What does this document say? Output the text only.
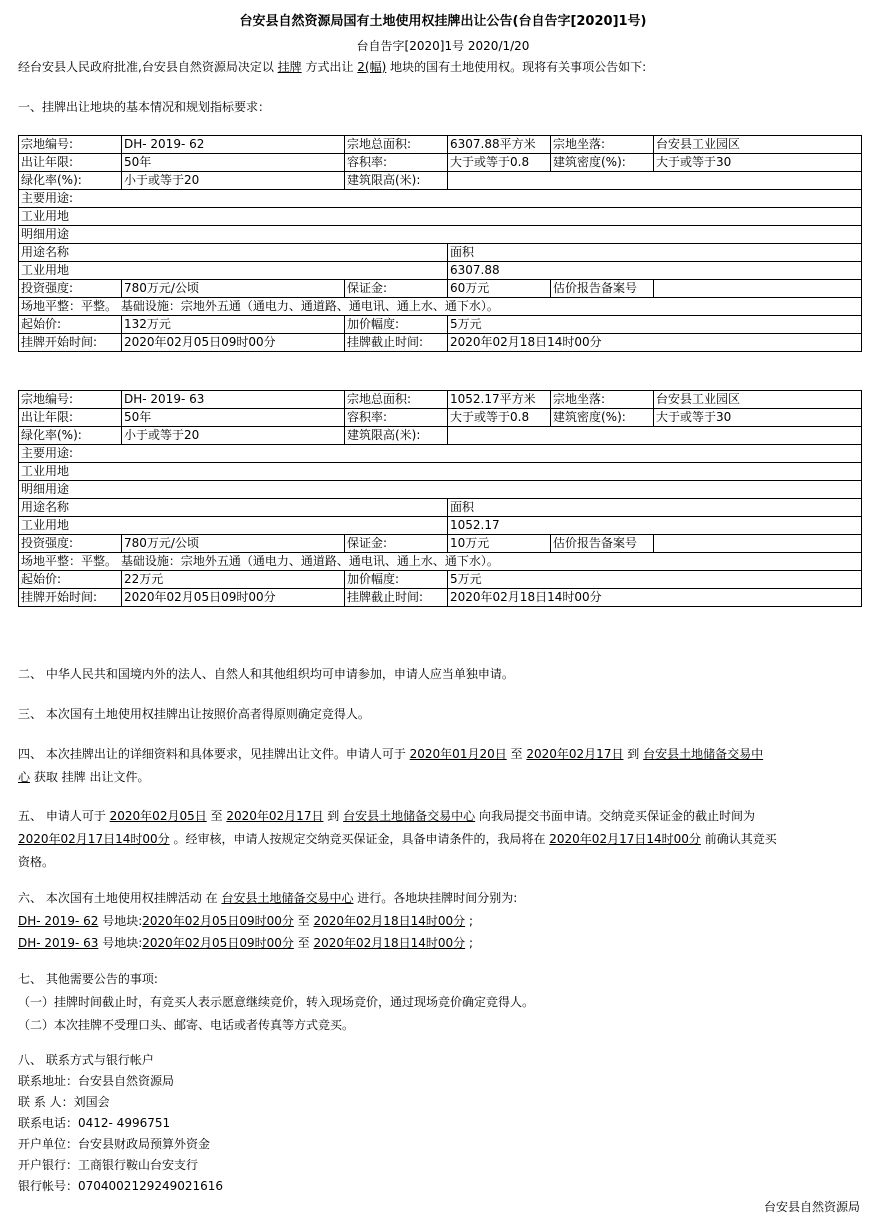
台安县自然资源局国有土地使用权挂牌出让公告(台自告字[2020]1号)
台自告字[2020]1号 2020/1/20
经台安县人民政府批准,台安县自然资源局决定以 挂牌 方式出让 2(幅) 地块的国有土地使用权。现将有关事项公告如下:
一、挂牌出让地块的基本情况和规划指标要求：
宗地编号:	DH- 2019- 62	宗地总面积:	6307.88平方米	宗地坐落:	台安县工业园区
出让年限:	50年	容积率:	大于或等于0.8	建筑密度(%):	大于或等于30
绿化率(%):	小于或等于20	建筑限高(米):			
主要用途:					
工业用地					
明细用途					
用途名称			面积		
工业用地			6307.88		
投资强度:	780万元/公顷	保证金:	60万元	估价报告备案号	
场地平整：平整。 基础设施：宗地外五通（通电力、通道路、通电讯、通上水、通下水）。					
起始价:	132万元	加价幅度:	5万元		
挂牌开始时间:	2020年02月05日09时00分	挂牌截止时间:	2020年02月18日14时00分		
宗地编号:	DH- 2019- 63	宗地总面积:	1052.17平方米	宗地坐落:	台安县工业园区
出让年限:	50年	容积率:	大于或等于0.8	建筑密度(%):	大于或等于30
绿化率(%):	小于或等于20	建筑限高(米):			
主要用途:					
工业用地					
明细用途					
用途名称			面积		
工业用地			1052.17		
投资强度:	780万元/公顷	保证金:	10万元	估价报告备案号	
场地平整：平整。 基础设施：宗地外五通（通电力、通道路、通电讯、通上水、通下水）。					
起始价:	22万元	加价幅度:	5万元		
挂牌开始时间:	2020年02月05日09时00分	挂牌截止时间:	2020年02月18日14时00分		
二、 中华人民共和国境内外的法人、自然人和其他组织均可申请参加，申请人应当单独申请。
三、 本次国有土地使用权挂牌出让按照价高者得原则确定竞得人。
四、 本次挂牌出让的详细资料和具体要求，见挂牌出让文件。申请人可于 2020年01月20日 至 2020年02月17日 到 台安县土地储备交易中
心 获取 挂牌 出让文件。
五、 申请人可于 2020年02月05日 至 2020年02月17日 到 台安县土地储备交易中心 向我局提交书面申请。交纳竞买保证金的截止时间为
2020年02月17日14时00分 。经审核，申请人按规定交纳竞买保证金，具备申请条件的，我局将在 2020年02月17日14时00分 前确认其竞买
资格。
六、 本次国有土地使用权挂牌活动 在 台安县土地储备交易中心 进行。各地块挂牌时间分别为:
DH- 2019- 62 号地块:2020年02月05日09时00分 至 2020年02月18日14时00分 ;
DH- 2019- 63 号地块:2020年02月05日09时00分 至 2020年02月18日14时00分 ;
七、 其他需要公告的事项:
（一）挂牌时间截止时，有竞买人表示愿意继续竞价，转入现场竞价，通过现场竞价确定竞得人。
（二）本次挂牌不受理口头、邮寄、电话或者传真等方式竞买。
八、 联系方式与银行帐户
联系地址：台安县自然资源局
联 系 人：刘国会
联系电话：0412- 4996751
开户单位：台安县财政局预算外资金
开户银行：工商银行鞍山台安支行
银行帐号：0704002129249021616
台安县自然资源局
